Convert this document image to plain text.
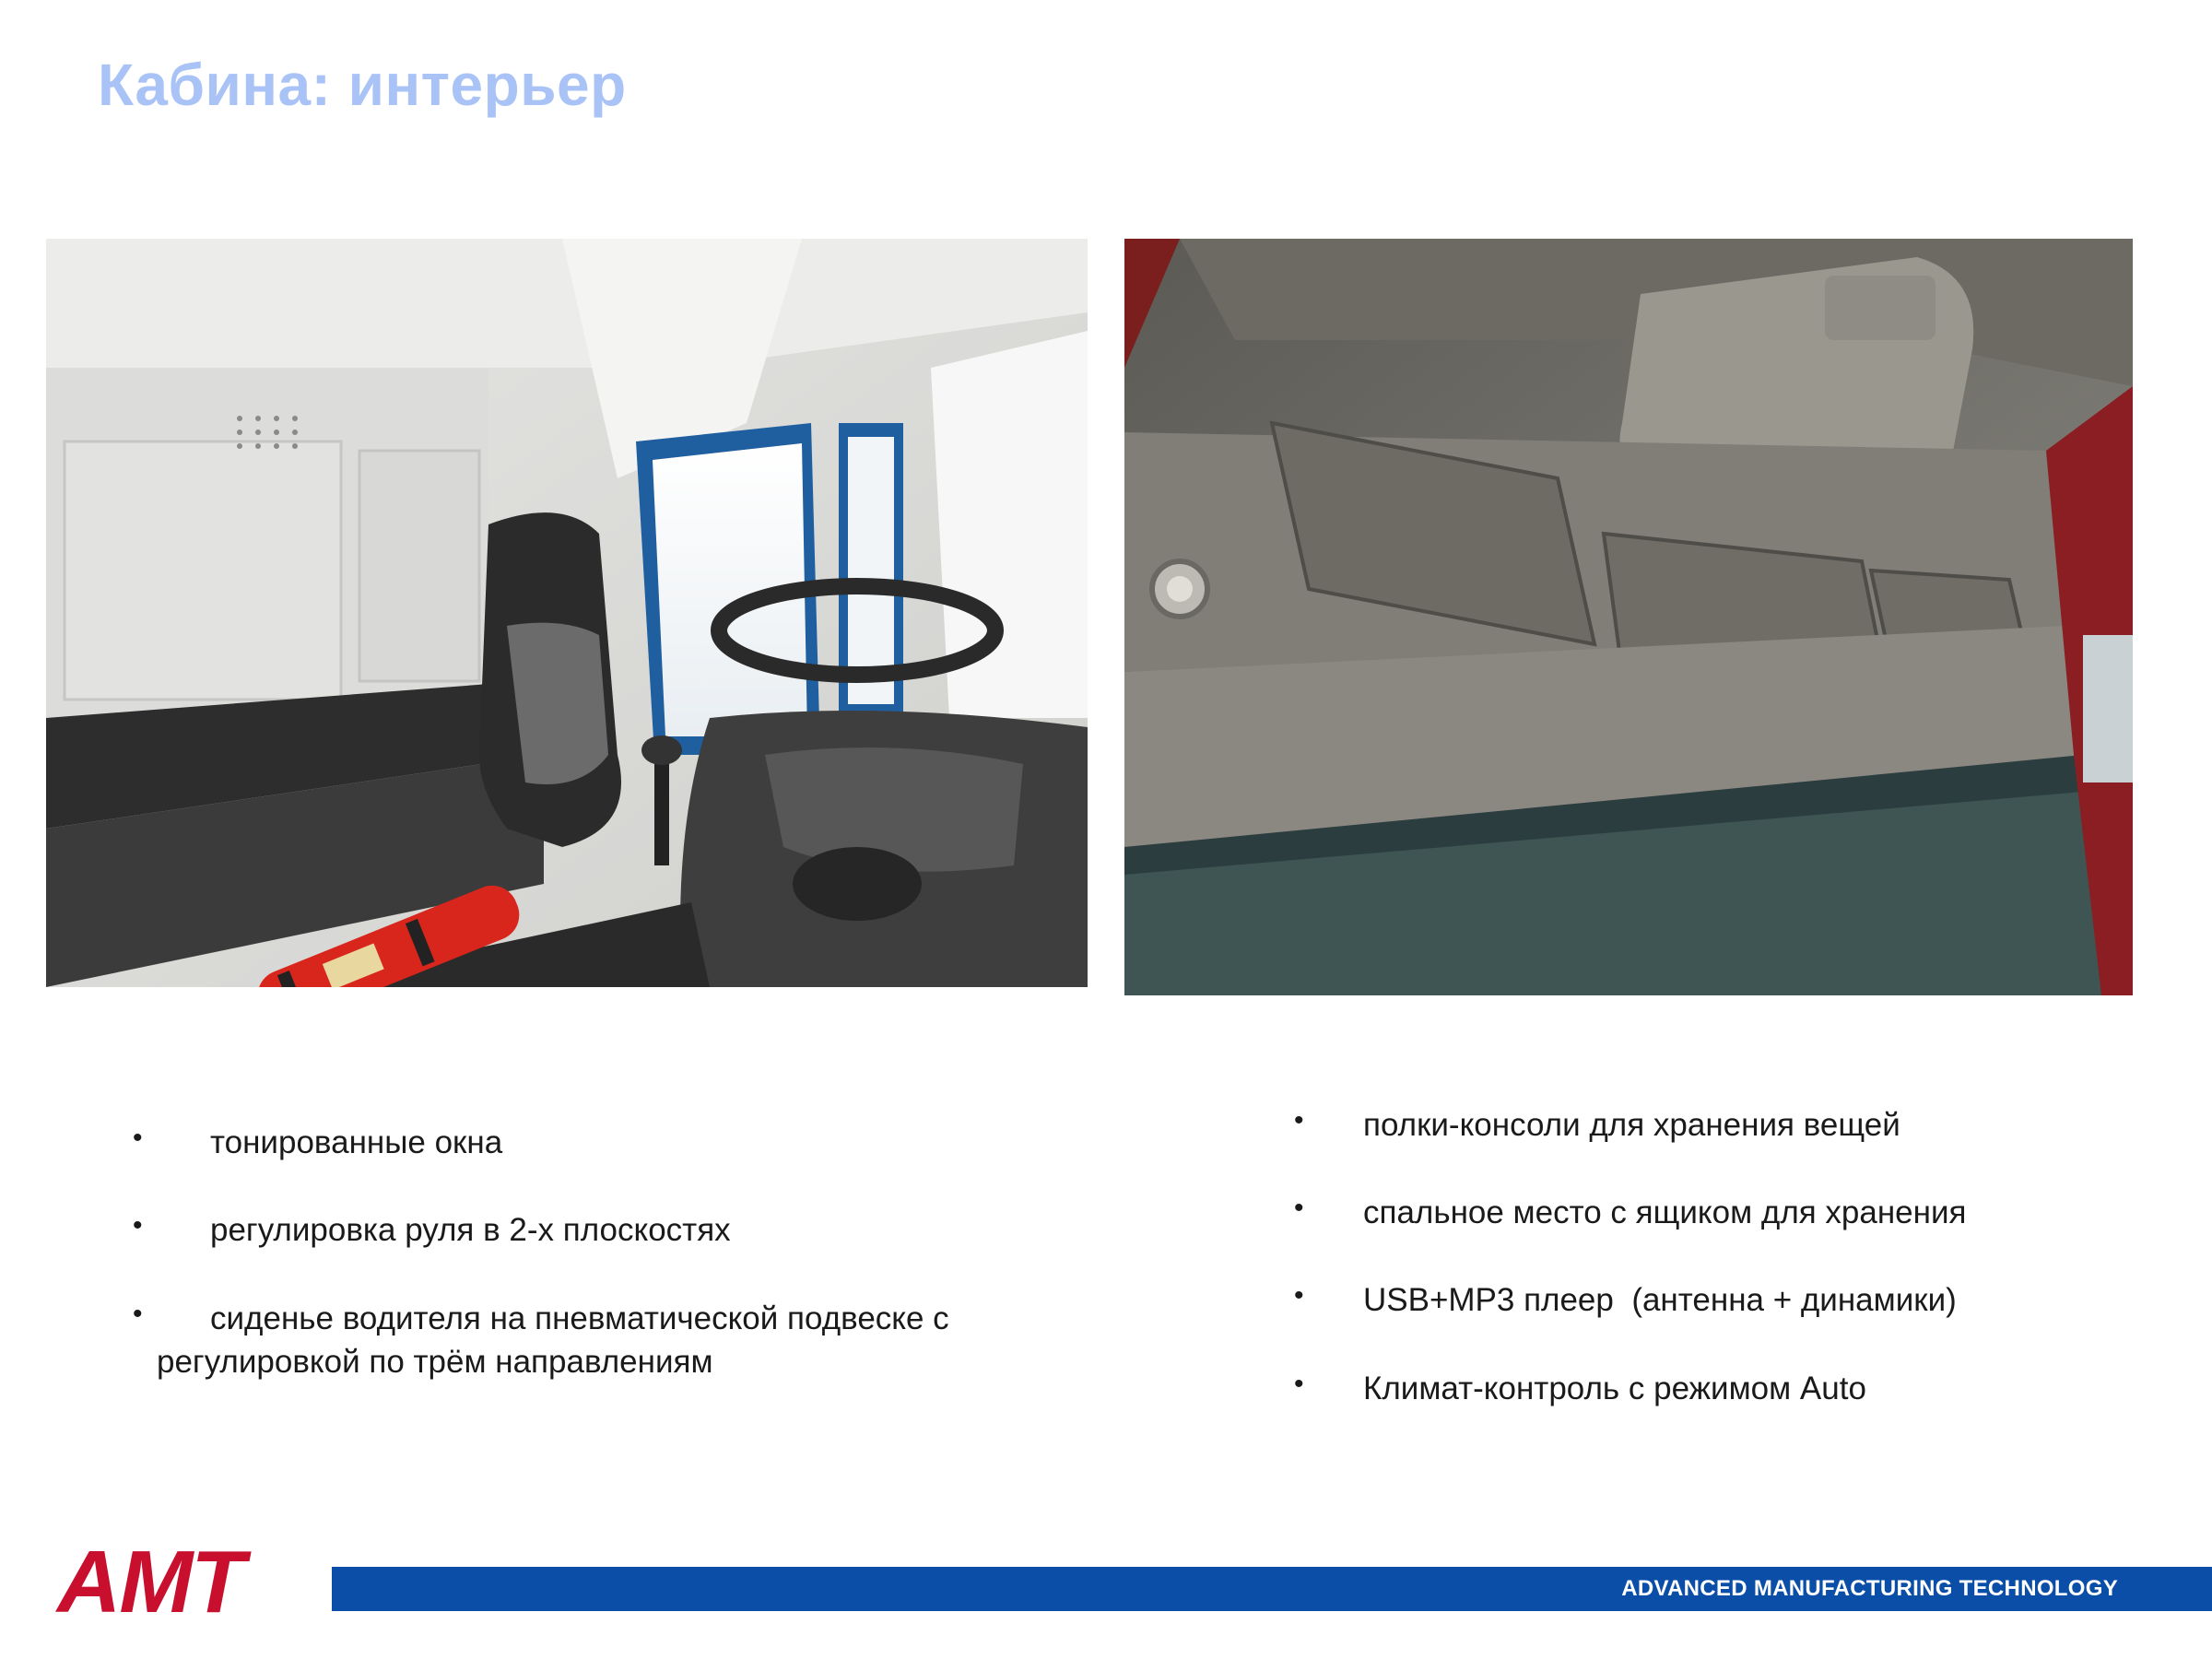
Кабина: интерьер
• тонированные окна
• регулировка руля в 2-х плоскостях
• сиденье водителя на пневматической подвеске с
регулировкой по трём направлениям
• полки-консоли для хранения вещей
• спальное место с ящиком для хранения
• USB+MP3 плеер  (антенна + динамики)
• Климат-контроль с режимом Auto
AMT	ADVANCED MANUFACTURING TECHNOLOGY
